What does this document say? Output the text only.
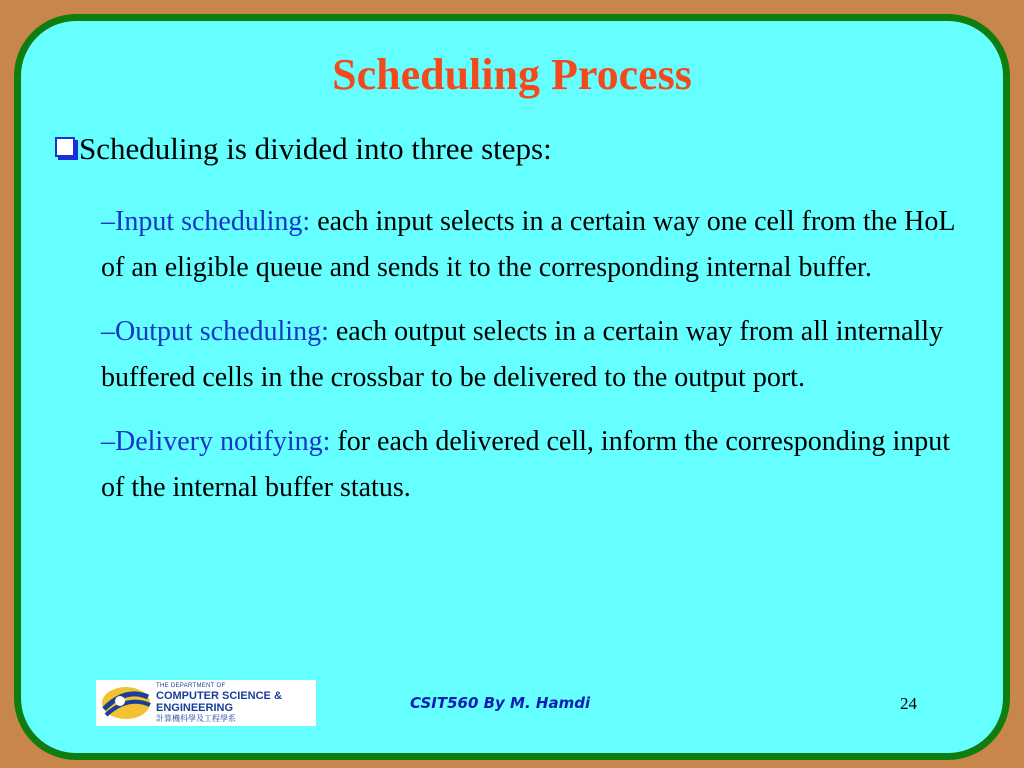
Scheduling Process

Scheduling is divided into three steps:

–Input scheduling: each input selects in a certain way one cell from the HoL of an eligible queue and sends it to the corresponding internal buffer.
–Output scheduling: each output selects in a certain way from all internally buffered cells in the crossbar to be delivered to the output port.
–Delivery notifying: for each delivered cell, inform the corresponding input of the internal buffer status.
THE DEPARTMENT OF
COMPUTER SCIENCE &
ENGINEERING
計算機科學及工程學系
CSIT560 By M. Hamdi	24
